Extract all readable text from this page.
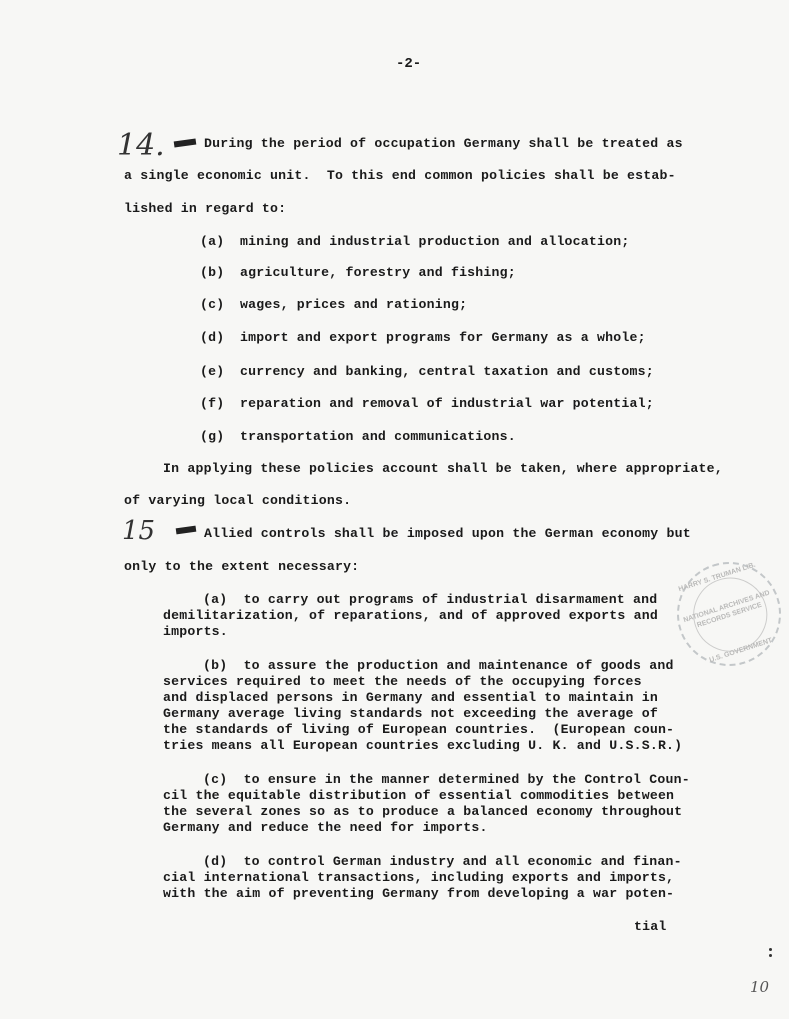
-2-
14.	During the period of occupation Germany shall be treated as
a single economic unit.  To this end common policies shall be estab-
lished in regard to:
(a) mining and industrial production and allocation;
(b) agriculture, forestry and fishing;
(c) wages, prices and rationing;
(d) import and export programs for Germany as a whole;
(e) currency and banking, central taxation and customs;
(f) reparation and removal of industrial war potential;
(g) transportation and communications.
In applying these policies account shall be taken, where appropriate,
of varying local conditions.
15	Allied controls shall be imposed upon the German economy but
only to the extent necessary:
(a)  to carry out programs of industrial disarmament and
demilitarization, of reparations, and of approved exports and
imports.
(b)  to assure the production and maintenance of goods and
services required to meet the needs of the occupying forces
and displaced persons in Germany and essential to maintain in
Germany average living standards not exceeding the average of
the standards of living of European countries.  (European coun-
tries means all European countries excluding U. K. and U.S.S.R.)
(c)  to ensure in the manner determined by the Control Coun-
cil the equitable distribution of essential commodities between
the several zones so as to produce a balanced economy throughout
Germany and reduce the need for imports.
(d)  to control German industry and all economic and finan-
cial international transactions, including exports and imports,
with the aim of preventing Germany from developing a war poten-
tial
HARRY S. TRUMAN LIB.
NATIONAL ARCHIVES AND RECORDS SERVICE
U.S. GOVERNMENT
10
